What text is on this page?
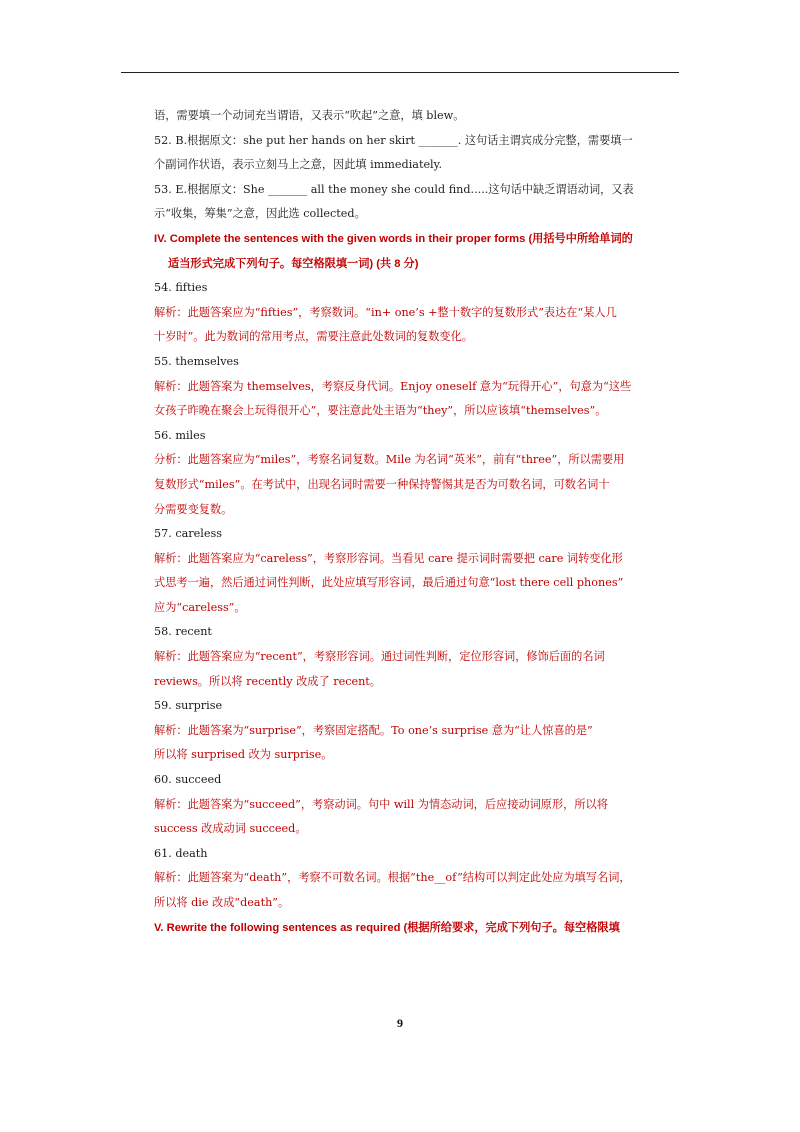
语，需要填一个动词充当谓语，又表示“吹起”之意，填 blew。
52. B.根据原文：she put her hands on her skirt _______. 这句话主谓宾成分完整，需要填一
个副词作状语，表示立刻马上之意，因此填 immediately.
53. E.根据原文：She _______ all the money she could find.....这句话中缺乏谓语动词，又表
示“收集，筹集”之意，因此选 collected。
IV. Complete the sentences with the given words in their proper forms (用括号中所给单词的
适当形式完成下列句子。每空格限填一词) (共 8 分)
54. fifties
解析：此题答案应为“fifties”，考察数词。“in+ one’s +整十数字的复数形式”表达在“某人几
十岁时”。此为数词的常用考点，需要注意此处数词的复数变化。
55. themselves
解析：此题答案为 themselves，考察反身代词。Enjoy oneself 意为“玩得开心”，句意为“这些
女孩子昨晚在聚会上玩得很开心”，要注意此处主语为“they”，所以应该填“themselves”。
56. miles
分析：此题答案应为“miles”，考察名词复数。Mile 为名词“英米”，前有“three”，所以需要用
复数形式“miles”。在考试中，出现名词时需要一种保持警惕其是否为可数名词，可数名词十
分需要变复数。
57. careless
解析：此题答案应为“careless”，考察形容词。当看见 care 提示词时需要把 care 词转变化形
式思考一遍，然后通过词性判断，此处应填写形容词，最后通过句意“lost there cell phones”
应为“careless”。
58. recent
解析：此题答案应为“recent”，考察形容词。通过词性判断，定位形容词，修饰后面的名词
reviews。所以将 recently 改成了 recent。
59. surprise
解析：此题答案为“surprise”，考察固定搭配。To one’s surprise 意为“让人惊喜的是”
所以将 surprised 改为 surprise。
60. succeed
解析：此题答案为“succeed”，考察动词。句中 will 为情态动词，后应接动词原形，所以将
success 改成动词 succeed。
61. death
解析：此题答案为“death”，考察不可数名词。根据“the__of”结构可以判定此处应为填写名词，
所以将 die 改成“death”。
V. Rewrite the following sentences as required (根据所给要求，完成下列句子。每空格限填
9
